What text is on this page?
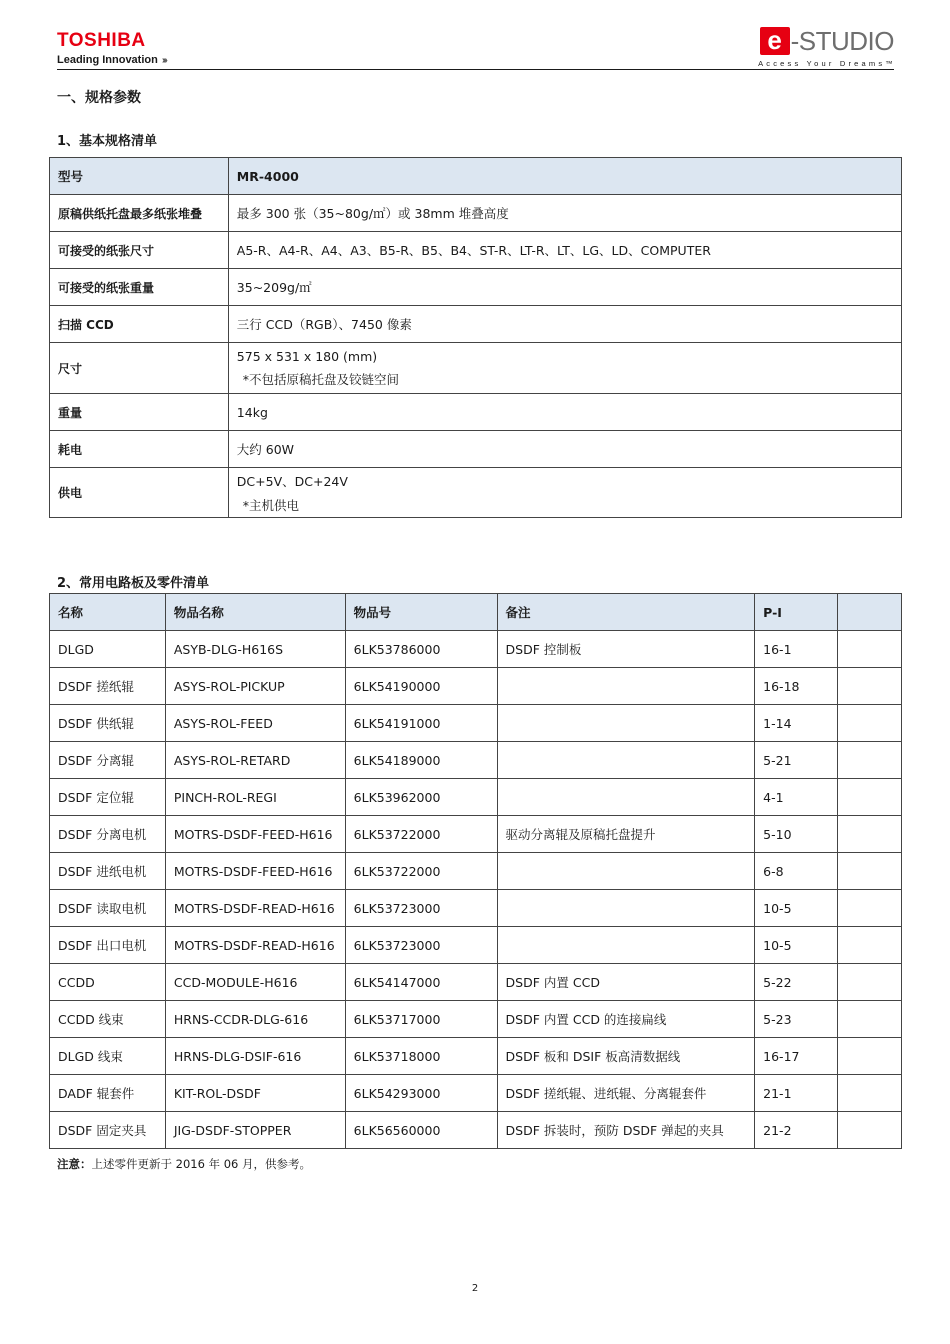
TOSHIBA
Leading Innovation ›››
e -STUDIO
Access Your Dreams™
一、规格参数
1、基本规格清单
型号	MR-4000
原稿供纸托盘最多纸张堆叠	最多 300 张（35~80g/㎡）或 38mm 堆叠高度
可接受的纸张尺寸	A5-R、A4-R、A4、A3、B5-R、B5、B4、ST-R、LT-R、LT、LG、LD、COMPUTER
可接受的纸张重量	35~209g/㎡
扫描 CCD	三行 CCD（RGB）、7450 像素
尺寸	575 x 531 x 180 (mm)
*不包括原稿托盘及铰链空间

重量	14kg
耗电	大约 60W
供电	DC+5V、DC+24V
*主机供电
2、常用电路板及零件清单
名称	物品名称	物品号	备注	P-I	
DLGD	ASYB-DLG-H616S	6LK53786000	DSDF 控制板	16-1	
DSDF 搓纸辊	ASYS-ROL-PICKUP	6LK54190000		16-18	
DSDF 供纸辊	ASYS-ROL-FEED	6LK54191000		1-14	
DSDF 分离辊	ASYS-ROL-RETARD	6LK54189000		5-21	
DSDF 定位辊	PINCH-ROL-REGI	6LK53962000		4-1	
DSDF 分离电机	MOTRS-DSDF-FEED-H616	6LK53722000	驱动分离辊及原稿托盘提升	5-10	
DSDF 进纸电机	MOTRS-DSDF-FEED-H616	6LK53722000		6-8	
DSDF 读取电机	MOTRS-DSDF-READ-H616	6LK53723000		10-5	
DSDF 出口电机	MOTRS-DSDF-READ-H616	6LK53723000		10-5	
CCDD	CCD-MODULE-H616	6LK54147000	DSDF 内置 CCD	5-22	
CCDD 线束	HRNS-CCDR-DLG-616	6LK53717000	DSDF 内置 CCD 的连接扁线	5-23	
DLGD 线束	HRNS-DLG-DSIF-616	6LK53718000	DSDF 板和 DSIF 板高清数据线	16-17	
DADF 辊套件	KIT-ROL-DSDF	6LK54293000	DSDF 搓纸辊、进纸辊、分离辊套件	21-1	
DSDF 固定夹具	JIG-DSDF-STOPPER	6LK56560000	DSDF 拆装时，预防 DSDF 弹起的夹具	21-2	
注意：上述零件更新于 2016 年 06 月，供参考。
2
